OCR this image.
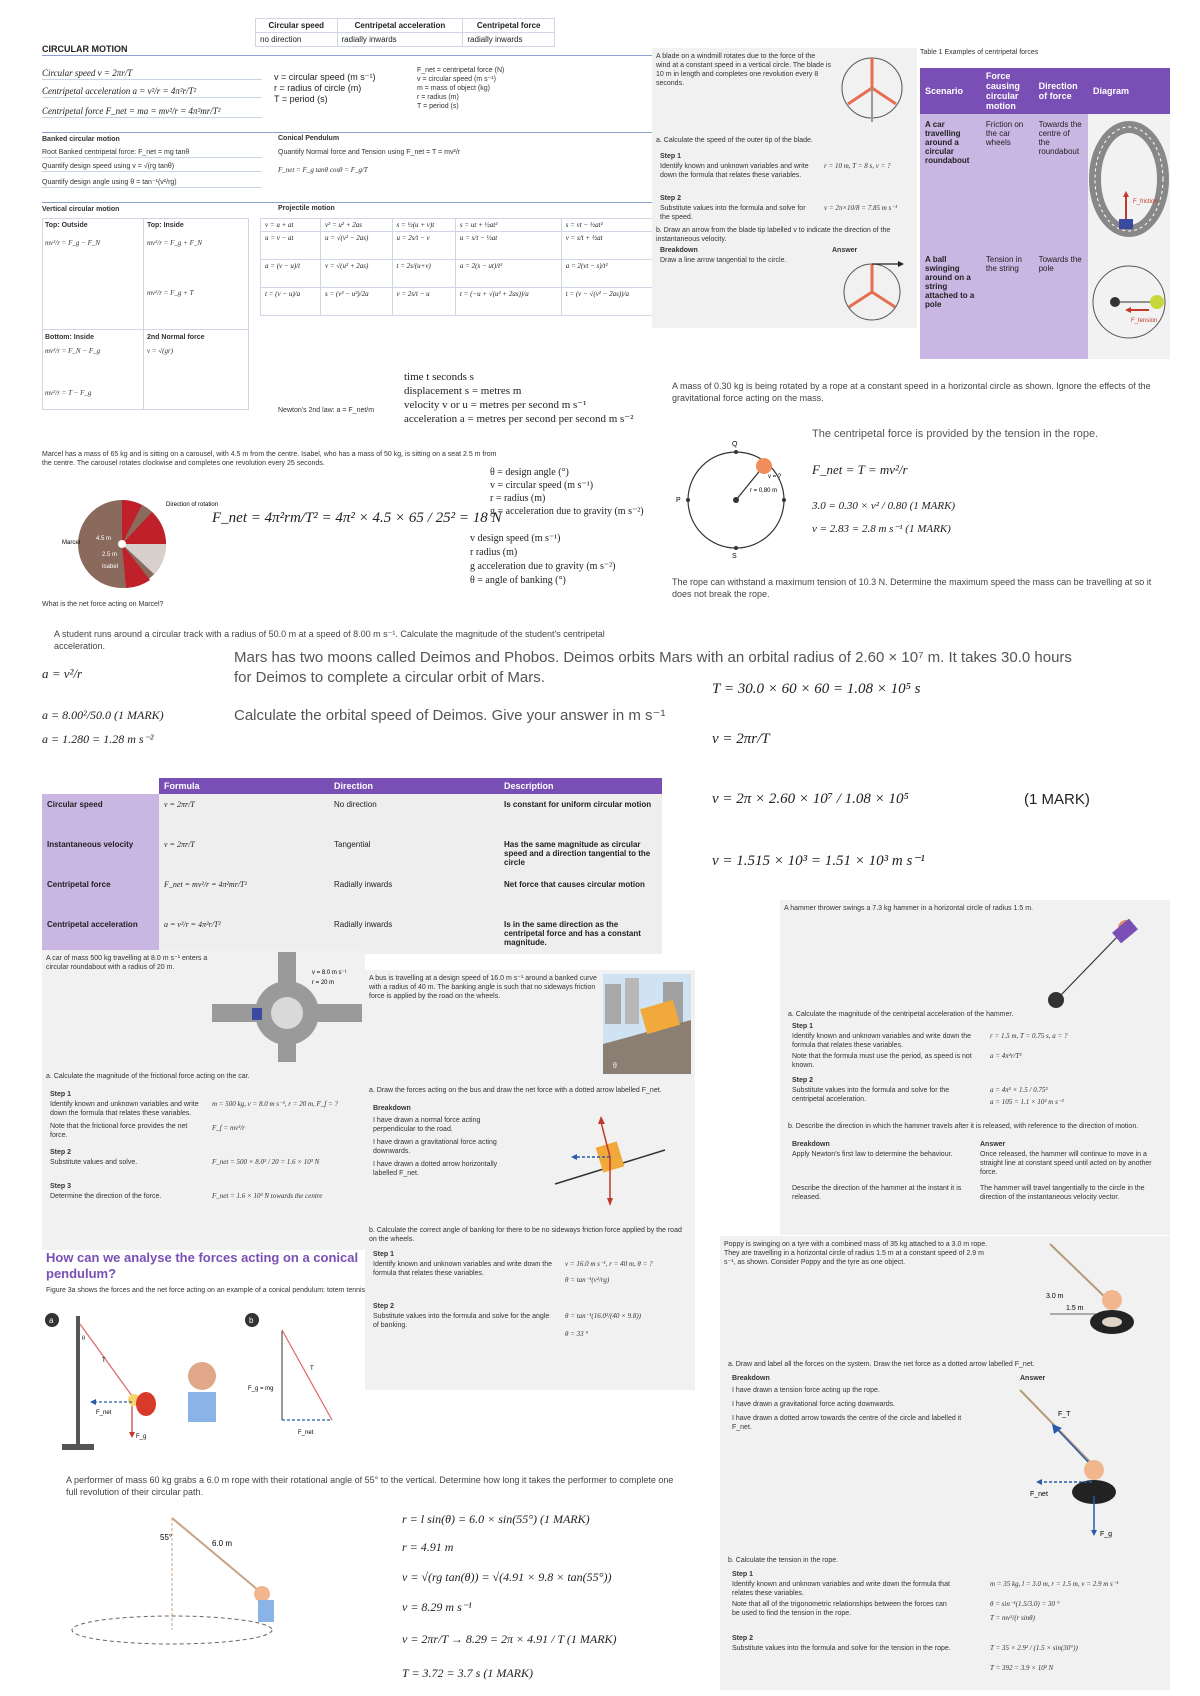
Circular speed	Centripetal acceleration	Centripetal force
no direction	radially inwards	radially inwards
CIRCULAR MOTION
Circular speed v = 2πr/T
Centripetal acceleration a = v²/r = 4π²r/T²
Centripetal force F_net = ma = mv²/r = 4π²mr/T²
v = circular speed (m s⁻¹)
r = radius of circle (m)
T = period (s)
F_net = centripetal force (N)
v = circular speed (m s⁻¹)
m = mass of object (kg)
r = radius (m)
T = period (s)
Banked circular motion	Conical Pendulum
Root Banked centripetal force: F_net = mg tanθ
Quantify design speed using v = √(rg tanθ)
Quantify design angle using θ = tan⁻¹(v²/rg)
Quantify Normal force and Tension using F_net = T = mv²/r
F_net = F_g tanθ cosθ = F_g/T
Vertical circular motion	Projectile motion
Top: Outside	Top: Inside
mv²/r = F_g − F_N	mv²/r = F_g + F_N
mv²/r = F_g + T
Bottom: Inside	2nd Normal force
mv²/r = F_N − F_g	v = √(gr)
mv²/r = T − F_g
v = u + at	v² = u² + 2as	s = ½(u + v)t	s = ut + ½at²	s = vt − ½at²
u = v − at	u = √(v² − 2as)	u = 2s/t − v	u = s/t − ½at	v = s/t + ½at
a = (v − u)/t	v = √(u² + 2as)	t = 2s/(u+v)	a = 2(s − ut)/t²	a = 2(vt − s)/t²
t = (v − u)/a	s = (v² − u²)/2a	v = 2s/t − u	t = (−u + √(u² + 2as))/a	t = (v − √(v² − 2as))/a
Newton's 2nd law: a = F_net/m
time t seconds s
displacement s = metres m
velocity v or u = metres per second m s⁻¹
acceleration a = metres per second per second m s⁻²
A blade on a windmill rotates due to the force of the wind at a constant speed in a vertical circle. The blade is 10 m in length and completes one revolution every 8 seconds.
a. Calculate the speed of the outer tip of the blade.
Step 1
Identify known and unknown variables and write down the formula that relates these variables.
r = 10 m, T = 8 s, v = ?
Step 2
Substitute values into the formula and solve for the speed.
v = 2π×10/8 = 7.85 m s⁻¹
b. Draw an arrow from the blade tip labelled v to indicate the direction of the instantaneous velocity.
Breakdown	Answer
Draw a line arrow tangential to the circle.
Table 1 Examples of centripetal forces
Scenario	Force causing circular motion	Direction of force	Diagram
A car travelling around a circular roundabout	Friction on the car wheels	Towards the centre of the roundabout	F_friction

A ball swinging around on a string attached to a pole	Tension in the string	Towards the pole	F_tension
A mass of 0.30 kg is being rotated by a rope at a constant speed in a horizontal circle as shown. Ignore the effects of the gravitational force acting on the mass.
The centripetal force is provided by the tension in the rope.
Q
S
P
r = 0.80 m
v = ? F_net = T = mv²/r
3.0 = 0.30 × v² / 0.80 (1 MARK)
v = 2.83 = 2.8 m s⁻¹ (1 MARK)
The rope can withstand a maximum tension of 10.3 N. Determine the maximum speed the mass can be travelling at so it does not break the rope.
Marcel has a mass of 65 kg and is sitting on a carousel, with 4.5 m from the centre. Isabel, who has a mass of 50 kg, is sitting on a seat 2.5 m from the centre. The carousel rotates clockwise and completes one revolution every 25 seconds.
Direction of rotation
Marcel
Isabel
4.5 m
2.5 m
F_net = 4π²rm/T² = 4π² × 4.5 × 65 / 25² = 18 N
What is the net force acting on Marcel?
θ = design angle (°)
v = circular speed (m s⁻¹)
r = radius (m)
g = acceleration due to gravity (m s⁻²)
v design speed (m s⁻¹)
r radius (m)
g acceleration due to gravity (m s⁻²)
θ = angle of banking (°)
A student runs around a circular track with a radius of 50.0 m at a speed of 8.00 m s⁻¹. Calculate the magnitude of the student's centripetal acceleration.
a = v²/r
a = 8.00²/50.0 (1 MARK)
a = 1.280 = 1.28 m s⁻²
Mars has two moons called Deimos and Phobos. Deimos orbits Mars with an orbital radius of 2.60 × 10⁷ m. It takes 30.0 hours
for Deimos to complete a circular orbit of Mars.
Calculate the orbital speed of Deimos. Give your answer in m s⁻¹
T = 30.0 × 60 × 60 = 1.08 × 10⁵ s
v = 2πr/T
v = 2π × 2.60 × 10⁷ / 1.08 × 10⁵	(1 MARK)
v = 1.515 × 10³ = 1.51 × 10³ m s⁻¹
	Formula	Direction	Description
Circular speed	v = 2πr/T	No direction	Is constant for uniform circular motion
Instantaneous velocity	v = 2πr/T	Tangential	Has the same magnitude as circular speed and a direction tangential to the circle
Centripetal force	F_net = mv²/r = 4π²mr/T²	Radially inwards	Net force that causes circular motion
Centripetal acceleration	a = v²/r = 4π²r/T²	Radially inwards	Is in the same direction as the centripetal force and has a constant magnitude.
A car of mass 500 kg travelling at 8.0 m s⁻¹ enters a circular roundabout with a radius of 20 m.
v = 8.0 m s⁻¹
r = 20 m
a. Calculate the magnitude of the frictional force acting on the car.
Step 1
Identify known and unknown variables and write down the formula that relates these variables.
m = 500 kg, v = 8.0 m s⁻¹, r = 20 m, F_f = ?
Note that the frictional force provides the net force.
F_f = mv²/r
Step 2
Substitute values and solve.	F_net = 500 × 8.0² / 20 = 1.6 × 10³ N
Step 3
Determine the direction of the force.	F_net = 1.6 × 10³ N towards the centre
A bus is travelling at a design speed of 16.0 m s⁻¹ around a banked curve with a radius of 40 m. The banking angle is such that no sideways friction force is applied by the road on the wheels.
θ
a. Draw the forces acting on the bus and draw the net force with a dotted arrow labelled F_net.
Breakdown
I have drawn a normal force acting perpendicular to the road.
I have drawn a gravitational force acting downwards.
I have drawn a dotted arrow horizontally labelled F_net.
b. Calculate the correct angle of banking for there to be no sideways friction force applied by the road on the wheels.
Step 1
Identify known and unknown variables and write down the formula that relates these variables.
v = 16.0 m s⁻¹, r = 40 m, θ = ?
θ = tan⁻¹(v²/rg)
Step 2
Substitute values into the formula and solve for the angle of banking.
θ = tan⁻¹(16.0²/(40 × 9.8))
θ = 33 °
A hammer thrower swings a 7.3 kg hammer in a horizontal circle of radius 1.5 m.
a. Calculate the magnitude of the centripetal acceleration of the hammer.
Step 1
Identify known and unknown variables and write down the formula that relates these variables.
r = 1.5 m, T = 0.75 s, a = ?
Note that the formula must use the period, as speed is not known.
a = 4π²r/T²
Step 2
Substitute values into the formula and solve for the centripetal acceleration.
a = 4π² × 1.5 / 0.75²
a = 105 = 1.1 × 10² m s⁻²
b. Describe the direction in which the hammer travels after it is released, with reference to the direction of motion.
Breakdown	Answer
Apply Newton's first law to determine the behaviour.	Once released, the hammer will continue to move in a straight line at constant speed until acted on by another force.
Describe the direction of the hammer at the instant it is released.
The hammer will travel tangentially to the circle in the direction of the instantaneous velocity vector.
How can we analyse the forces acting on a conical pendulum?
Figure 3a shows the forces and the net force acting on an example of a conical pendulum: totem tennis
a	b
F_net
F_g
T
θ
T
F_g = mg
F_net
A performer of mass 60 kg grabs a 6.0 m rope with their rotational angle of 55° to the vertical. Determine how long it takes the performer to complete one full revolution of their circular path.
55°
6.0 m
r = l sin(θ) = 6.0 × sin(55°) (1 MARK)
r = 4.91 m
v = √(rg tan(θ)) = √(4.91 × 9.8 × tan(55°))
v = 8.29 m s⁻¹
v = 2πr/T → 8.29 = 2π × 4.91 / T (1 MARK)
T = 3.72 = 3.7 s (1 MARK)
Poppy is swinging on a tyre with a combined mass of 35 kg attached to a 3.0 m rope. They are travelling in a horizontal circle of radius 1.5 m at a constant speed of 2.9 m s⁻¹, as shown. Consider Poppy and the tyre as one object.
3.0 m
1.5 m
a. Draw and label all the forces on the system. Draw the net force as a dotted arrow labelled F_net.
Breakdown	Answer
I have drawn a tension force acting up the rope.
I have drawn a gravitational force acting downwards.
I have drawn a dotted arrow towards the centre of the circle and labelled it F_net.
F_T
F_net
F_g
b. Calculate the tension in the rope.
Step 1
Identify known and unknown variables and write down the formula that relates these variables.
Note that all of the trigonometric relationships between the forces can be used to find the tension in the rope.
m = 35 kg, l = 3.0 m, r = 1.5 m, v = 2.9 m s⁻¹
θ = sin⁻¹(1.5/3.0) = 30 °
T = mv²/(r sinθ)
Step 2
Substitute values into the formula and solve for the tension in the rope.	T = 35 × 2.9² / (1.5 × sin(30°))
T = 392 = 3.9 × 10² N
